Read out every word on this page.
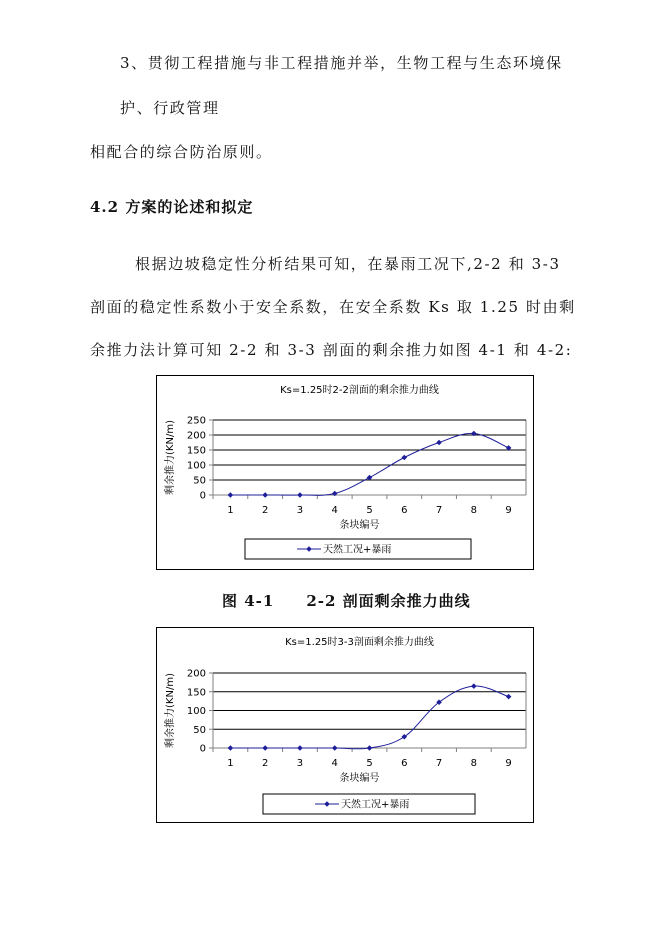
3、贯彻工程措施与非工程措施并举，生物工程与生态环境保
护、行政管理
相配合的综合防治原则。
4.2 方案的论述和拟定
根据边坡稳定性分析结果可知，在暴雨工况下,2-2 和 3-3
剖面的稳定性系数小于安全系数，在安全系数 Ks 取 1.25 时由剩
余推力法计算可知 2-2 和 3-3 剖面的剩余推力如图 4-1 和 4-2:
Ks=1.25时2-2剖面的剩余推力曲线
0
50
100
150
200
250
1	2	3	4	5	6	7	8	9
条块编号
剩余推力(KN/m)
天然工况+暴雨
图 4-1　　2-2 剖面剩余推力曲线
Ks=1.25时3-3剖面剩余推力曲线
0
50
100
150
200
1	2	3	4	5	6	7	8	9
条块编号
剩余推力(KN/m)
天然工况+暴雨
